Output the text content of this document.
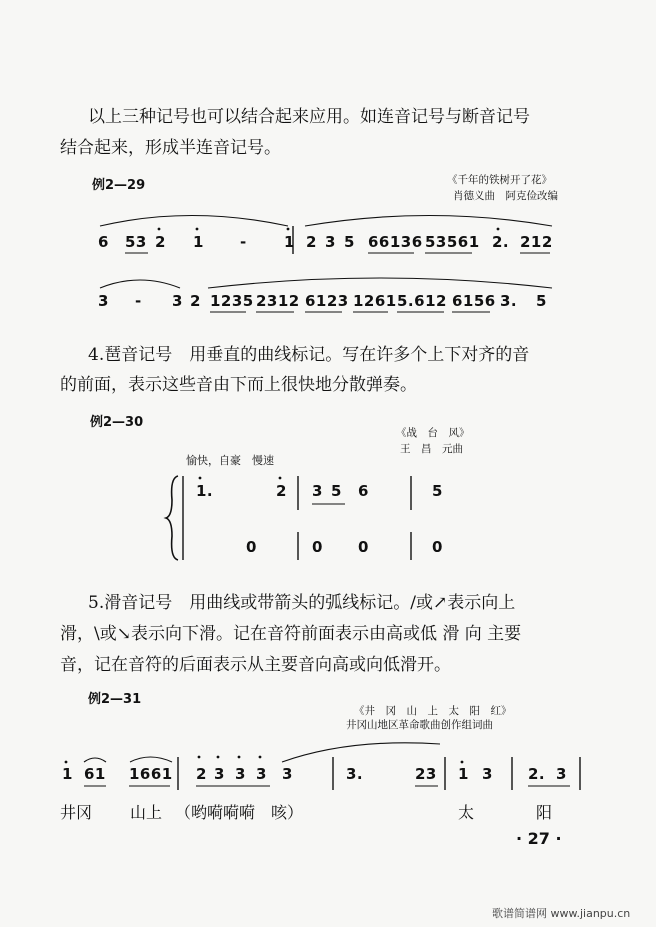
以上三种记号也可以结合起来应用。如连音记号与断音记号
结合起来，形成半连音记号。
例2—29	《千年的铁树开了花》
肖德义曲　阿克俭改编
6 53 2 1 - 1 2 3 5 66136 53561 2. 212
3 - 3 2 1235 2312 6123 1261 5.612 6156 3. 5
4.琶音记号　用垂直的曲线标记。写在许多个上下对齐的音
的前面，表示这些音由下而上很快地分散弹奏。
例2—30
《战　台　风》
王　昌　元曲
愉快，自豪　慢速
1.	2 3 5 6	5
0	0 0	0
5.滑音记号　用曲线或带箭头的弧线标记。/或↗表示向上
滑，\或↘表示向下滑。记在音符前面表示由高或低 滑 向 主要
音，记在音符的后面表示从主要音向高或向低滑开。
例2—31
《井　冈　山　上　太　阳　红》
井冈山地区革命歌曲创作组词曲
1 61 1661 2 3 3 3 3	3.	23 1 3 2. 3
井冈 山上 （哟嗬嗬嗬　咳）	太	阳
· 27 ·
歌谱简谱网 www.jianpu.cn
